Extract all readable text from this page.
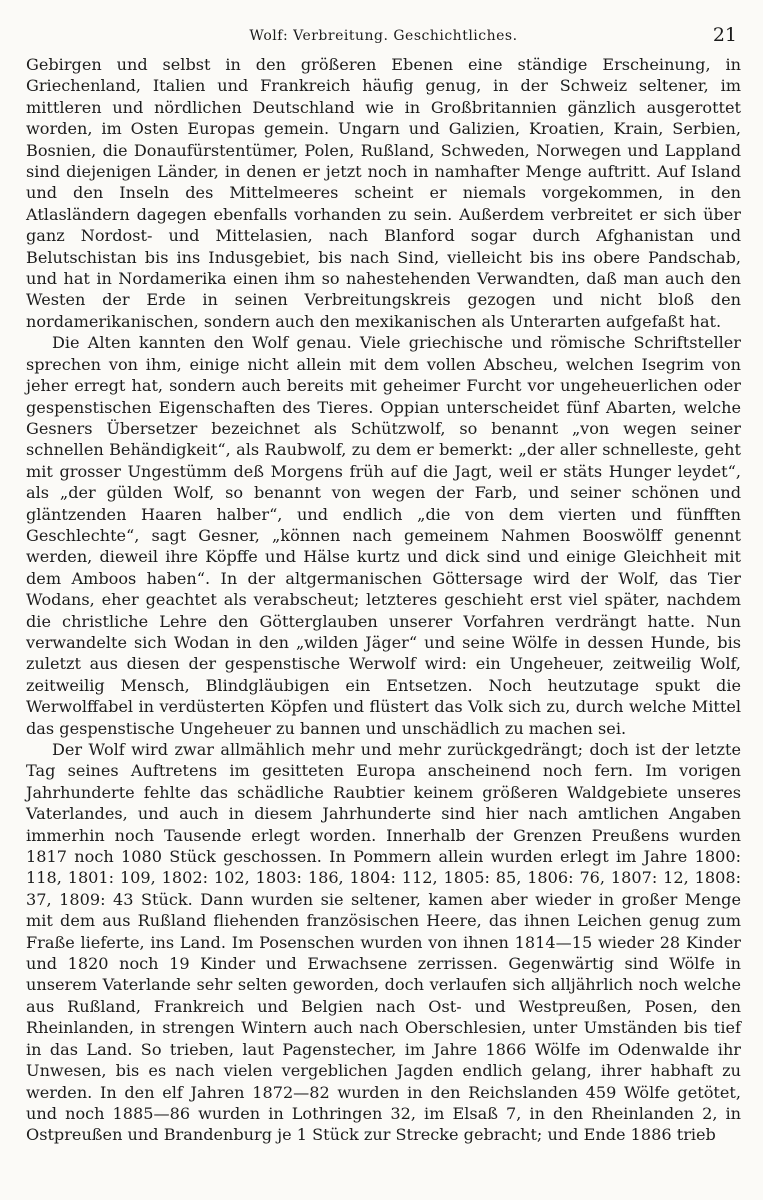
Wolf: Verbreitung. Geschichtliches.	21

Gebirgen und selbst in den größeren Ebenen eine ständige Erscheinung, in Griechenland, Italien und Frankreich häufig genug, in der Schweiz seltener, im mittleren und nördlichen Deutschland wie in Großbritannien gänzlich ausgerottet worden, im Osten Europas gemein. Ungarn und Galizien, Kroatien, Krain, Serbien, Bosnien, die Donaufürstentümer, Polen, Rußland, Schweden, Norwegen und Lappland sind diejenigen Länder, in denen er jetzt noch in namhafter Menge auftritt. Auf Island und den Inseln des Mittelmeeres scheint er niemals vorgekommen, in den Atlasländern dagegen ebenfalls vorhanden zu sein. Außerdem verbreitet er sich über ganz Nordost- und Mittelasien, nach Blanford sogar durch Afghanistan und Belutschistan bis ins Indusgebiet, bis nach Sind, vielleicht bis ins obere Pandschab, und hat in Nordamerika einen ihm so nahestehenden Verwandten, daß man auch den Westen der Erde in seinen Verbreitungskreis gezogen und nicht bloß den nordamerikanischen, sondern auch den mexikanischen als Unterarten aufgefaßt hat.

Die Alten kannten den Wolf genau. Viele griechische und römische Schriftsteller sprechen von ihm, einige nicht allein mit dem vollen Abscheu, welchen Isegrim von jeher erregt hat, sondern auch bereits mit geheimer Furcht vor ungeheuerlichen oder gespenstischen Eigenschaften des Tieres. Oppian unterscheidet fünf Abarten, welche Gesners Übersetzer bezeichnet als Schützwolf, so benannt „von wegen seiner schnellen Behändigkeit“, als Raubwolf, zu dem er bemerkt: „der aller schnelleste, geht mit grosser Ungestümm deß Morgens früh auf die Jagt, weil er stäts Hunger leydet“, als „der gülden Wolf, so benannt von wegen der Farb, und seiner schönen und gläntzenden Haaren halber“, und endlich „die von dem vierten und fünfften Geschlechte“, sagt Gesner, „können nach gemeinem Nahmen Booswölff genennt werden, dieweil ihre Köpffe und Hälse kurtz und dick sind und einige Gleichheit mit dem Amboos haben“. In der altgermanischen Göttersage wird der Wolf, das Tier Wodans, eher geachtet als verabscheut; letzteres geschieht erst viel später, nachdem die christliche Lehre den Götterglauben unserer Vorfahren verdrängt hatte. Nun verwandelte sich Wodan in den „wilden Jäger“ und seine Wölfe in dessen Hunde, bis zuletzt aus diesen der gespenstische Werwolf wird: ein Ungeheuer, zeitweilig Wolf, zeitweilig Mensch, Blindgläubigen ein Entsetzen. Noch heutzutage spukt die Werwolffabel in verdüsterten Köpfen und flüstert das Volk sich zu, durch welche Mittel das gespenstische Ungeheuer zu bannen und unschädlich zu machen sei.

Der Wolf wird zwar allmählich mehr und mehr zurückgedrängt; doch ist der letzte Tag seines Auftretens im gesitteten Europa anscheinend noch fern. Im vorigen Jahrhunderte fehlte das schädliche Raubtier keinem größeren Waldgebiete unseres Vaterlandes, und auch in diesem Jahrhunderte sind hier nach amtlichen Angaben immerhin noch Tausende erlegt worden. Innerhalb der Grenzen Preußens wurden 1817 noch 1080 Stück geschossen. In Pommern allein wurden erlegt im Jahre 1800: 118, 1801: 109, 1802: 102, 1803: 186, 1804: 112, 1805: 85, 1806: 76, 1807: 12, 1808: 37, 1809: 43 Stück. Dann wurden sie seltener, kamen aber wieder in großer Menge mit dem aus Rußland fliehenden französischen Heere, das ihnen Leichen genug zum Fraße lieferte, ins Land. Im Posenschen wurden von ihnen 1814—15 wieder 28 Kinder und 1820 noch 19 Kinder und Erwachsene zerrissen. Gegenwärtig sind Wölfe in unserem Vaterlande sehr selten geworden, doch verlaufen sich alljährlich noch welche aus Rußland, Frankreich und Belgien nach Ost- und Westpreußen, Posen, den Rheinlanden, in strengen Wintern auch nach Oberschlesien, unter Umständen bis tief in das Land. So trieben, laut Pagenstecher, im Jahre 1866 Wölfe im Odenwalde ihr Unwesen, bis es nach vielen vergeblichen Jagden endlich gelang, ihrer habhaft zu werden. In den elf Jahren 1872—82 wurden in den Reichslanden 459 Wölfe getötet, und noch 1885—86 wurden in Lothringen 32, im Elsaß 7, in den Rheinlanden 2, in Ostpreußen und Brandenburg je 1 Stück zur Strecke gebracht; und Ende 1886 trieb
